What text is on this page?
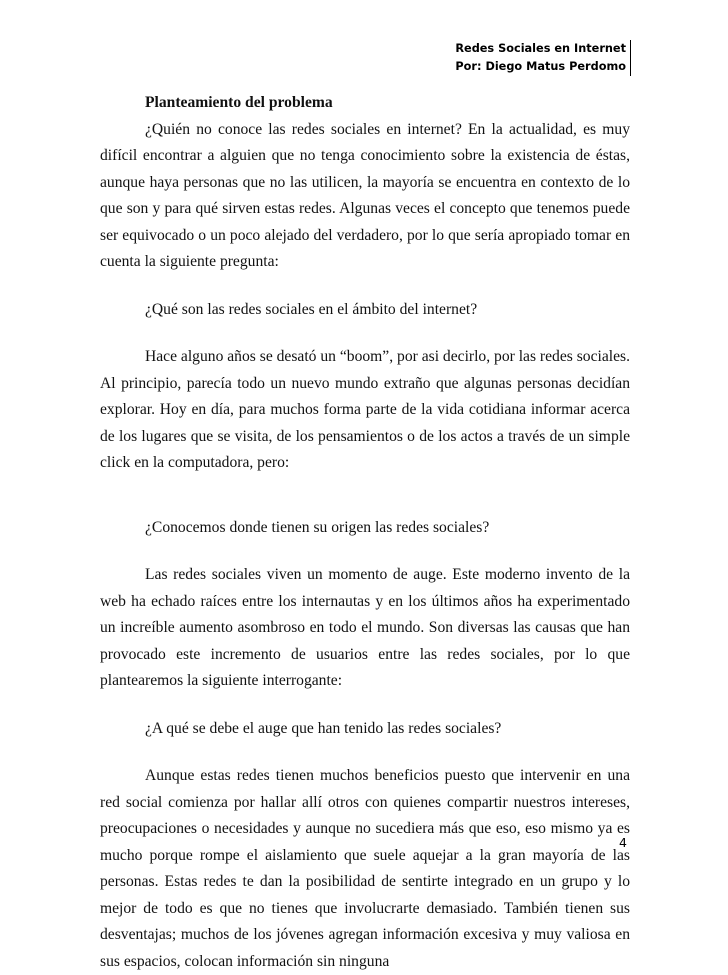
Redes Sociales en Internet
Por: Diego Matus Perdomo

Planteamiento del problema

¿Quién no conoce las redes sociales en internet? En la actualidad, es muy difícil encontrar a alguien que no tenga conocimiento sobre la existencia de éstas, aunque haya personas que no las utilicen, la mayoría se encuentra en contexto de lo que son y para qué sirven estas redes. Algunas veces el concepto que tenemos puede ser equivocado o un poco alejado del verdadero, por lo que sería apropiado tomar en cuenta la siguiente pregunta:

¿Qué son las redes sociales en el ámbito del internet?

Hace alguno años se desató un “boom”, por asi decirlo, por las redes sociales. Al principio, parecía todo un nuevo mundo extraño que algunas personas decidían explorar. Hoy en día, para muchos forma parte de la vida cotidiana informar acerca de los lugares que se visita, de los pensamientos o de los actos a través de un simple click en la computadora, pero:

¿Conocemos donde tienen su origen las redes sociales?

Las redes sociales viven un momento de auge. Este moderno invento de la web ha echado raíces entre los internautas y en los últimos años ha experimentado un increíble aumento asombroso en todo el mundo. Son diversas las causas que han provocado este incremento de usuarios entre las redes sociales, por lo que plantearemos la siguiente interrogante:

¿A qué se debe el auge que han tenido las redes sociales?

Aunque estas redes tienen muchos beneficios puesto que intervenir en una red social comienza por hallar allí otros con quienes compartir nuestros intereses, preocupaciones o necesidades y aunque no sucediera más que eso, eso mismo ya es mucho porque rompe el aislamiento que suele aquejar a la gran mayoría de las personas. Estas redes te dan la posibilidad de sentirte integrado en un grupo y lo mejor de todo es que no tienes que involucrarte demasiado. También tienen sus desventajas; muchos de los jóvenes agregan información excesiva y muy valiosa en sus espacios, colocan información sin ninguna

4
